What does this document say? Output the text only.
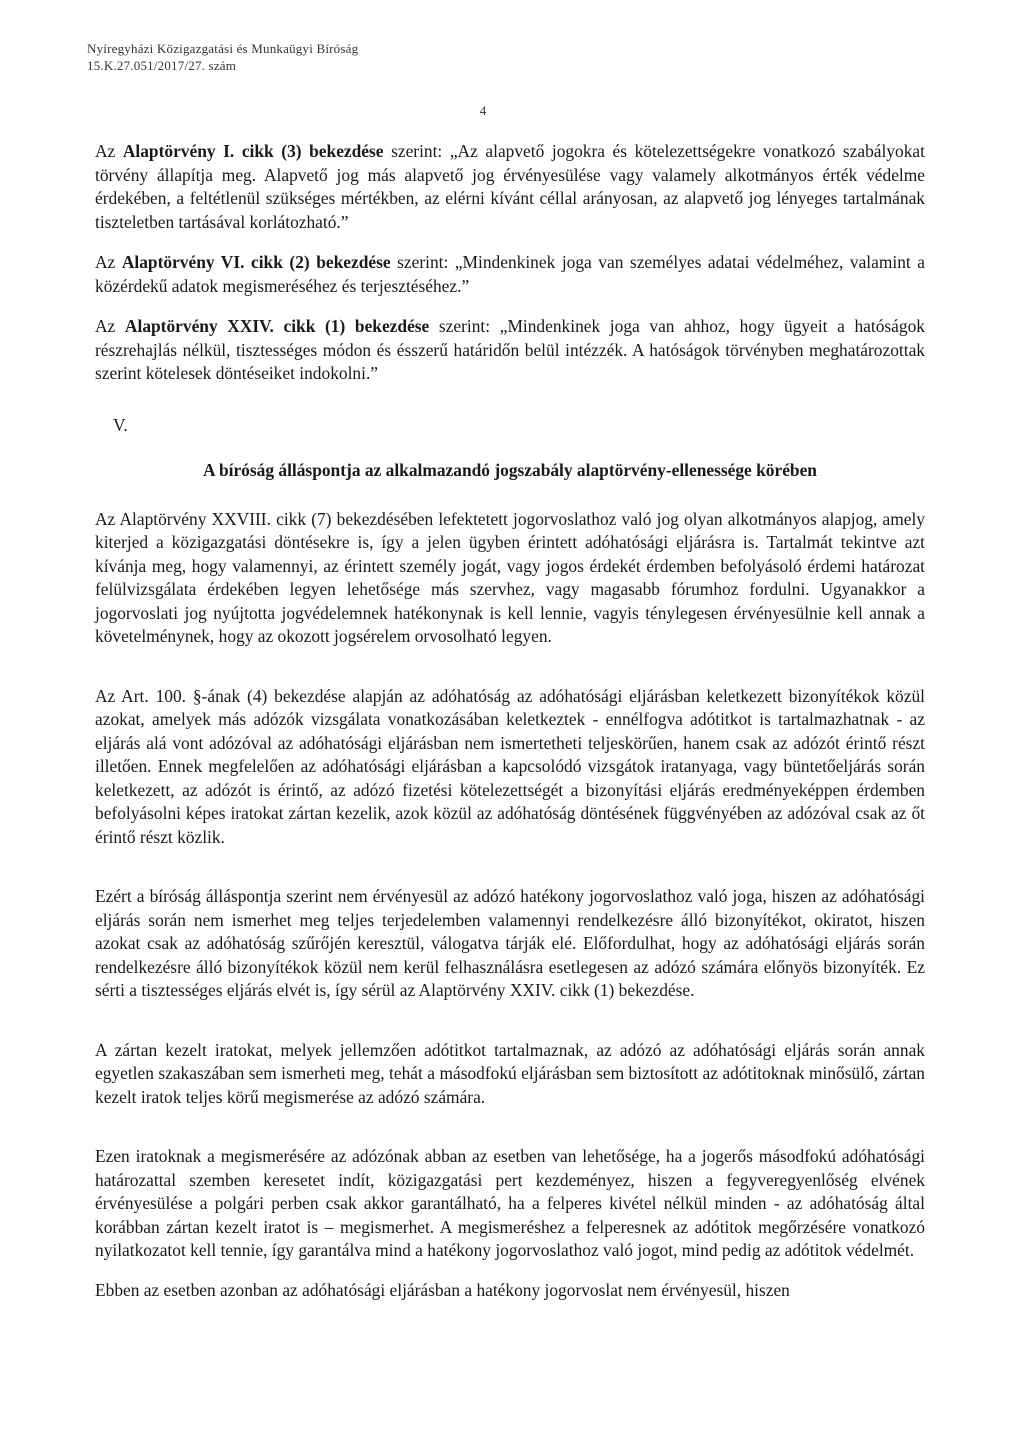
Nyíregyházi Közigazgatási és Munkaügyi Bíróság
15.K.27.051/2017/27. szám
4

Az Alaptörvény I. cikk (3) bekezdése szerint: „Az alapvető jogokra és kötelezettségekre vonatkozó szabályokat törvény állapítja meg. Alapvető jog más alapvető jog érvényesülése vagy valamely alkotmányos érték védelme érdekében, a feltétlenül szükséges mértékben, az elérni kívánt céllal arányosan, az alapvető jog lényeges tartalmának tiszteletben tartásával korlátozható.”

Az Alaptörvény VI. cikk (2) bekezdése szerint: „Mindenkinek joga van személyes adatai védelméhez, valamint a közérdekű adatok megismeréséhez és terjesztéséhez.”

Az Alaptörvény XXIV. cikk (1) bekezdése szerint: „Mindenkinek joga van ahhoz, hogy ügyeit a hatóságok részrehajlás nélkül, tisztességes módon és ésszerű határidőn belül intézzék. A hatóságok törvényben meghatározottak szerint kötelesek döntéseiket indokolni.”

V.

A bíróság álláspontja az alkalmazandó jogszabály alaptörvény-ellenessége körében

Az Alaptörvény XXVIII. cikk (7) bekezdésében lefektetett jogorvoslathoz való jog olyan alkotmányos alapjog, amely kiterjed a közigazgatási döntésekre is, így a jelen ügyben érintett adóhatósági eljárásra is. Tartalmát tekintve azt kívánja meg, hogy valamennyi, az érintett személy jogát, vagy jogos érdekét érdemben befolyásoló érdemi határozat felülvizsgálata érdekében legyen lehetősége más szervhez, vagy magasabb fórumhoz fordulni. Ugyanakkor a jogorvoslati jog nyújtotta jogvédelemnek hatékonynak is kell lennie, vagyis ténylegesen érvényesülnie kell annak a követelménynek, hogy az okozott jogsérelem orvosolható legyen.

Az Art. 100. §-ának (4) bekezdése alapján az adóhatóság az adóhatósági eljárásban keletkezett bizonyítékok közül azokat, amelyek más adózók vizsgálata vonatkozásában keletkeztek - ennélfogva adótitkot is tartalmazhatnak - az eljárás alá vont adózóval az adóhatósági eljárásban nem ismertetheti teljeskörűen, hanem csak az adózót érintő részt illetően. Ennek megfelelően az adóhatósági eljárásban a kapcsolódó vizsgátok iratanyaga, vagy büntetőeljárás során keletkezett, az adózót is érintő, az adózó fizetési kötelezettségét a bizonyítási eljárás eredményeképpen érdemben befolyásolni képes iratokat zártan kezelik, azok közül az adóhatóság döntésének függvényében az adózóval csak az őt érintő részt közlik.

Ezért a bíróság álláspontja szerint nem érvényesül az adózó hatékony jogorvoslathoz való joga, hiszen az adóhatósági eljárás során nem ismerhet meg teljes terjedelemben valamennyi rendelkezésre álló bizonyítékot, okiratot, hiszen azokat csak az adóhatóság szűrőjén keresztül, válogatva tárják elé. Előfordulhat, hogy az adóhatósági eljárás során rendelkezésre álló bizonyítékok közül nem kerül felhasználásra esetlegesen az adózó számára előnyös bizonyíték. Ez sérti a tisztességes eljárás elvét is, így sérül az Alaptörvény XXIV. cikk (1) bekezdése.

A zártan kezelt iratokat, melyek jellemzően adótitkot tartalmaznak, az adózó az adóhatósági eljárás során annak egyetlen szakaszában sem ismerheti meg, tehát a másodfokú eljárásban sem biztosított az adótitoknak minősülő, zártan kezelt iratok teljes körű megismerése az adózó számára.

Ezen iratoknak a megismerésére az adózónak abban az esetben van lehetősége, ha a jogerős másodfokú adóhatósági határozattal szemben keresetet indít, közigazgatási pert kezdeményez, hiszen a fegyveregyenlőség elvének érvényesülése a polgári perben csak akkor garantálható, ha a felperes kivétel nélkül minden - az adóhatóság által korábban zártan kezelt iratot is – megismerhet. A megismeréshez a felperesnek az adótitok megőrzésére vonatkozó nyilatkozatot kell tennie, így garantálva mind a hatékony jogorvoslathoz való jogot, mind pedig az adótitok védelmét.

Ebben az esetben azonban az adóhatósági eljárásban a hatékony jogorvoslat nem érvényesül, hiszen
